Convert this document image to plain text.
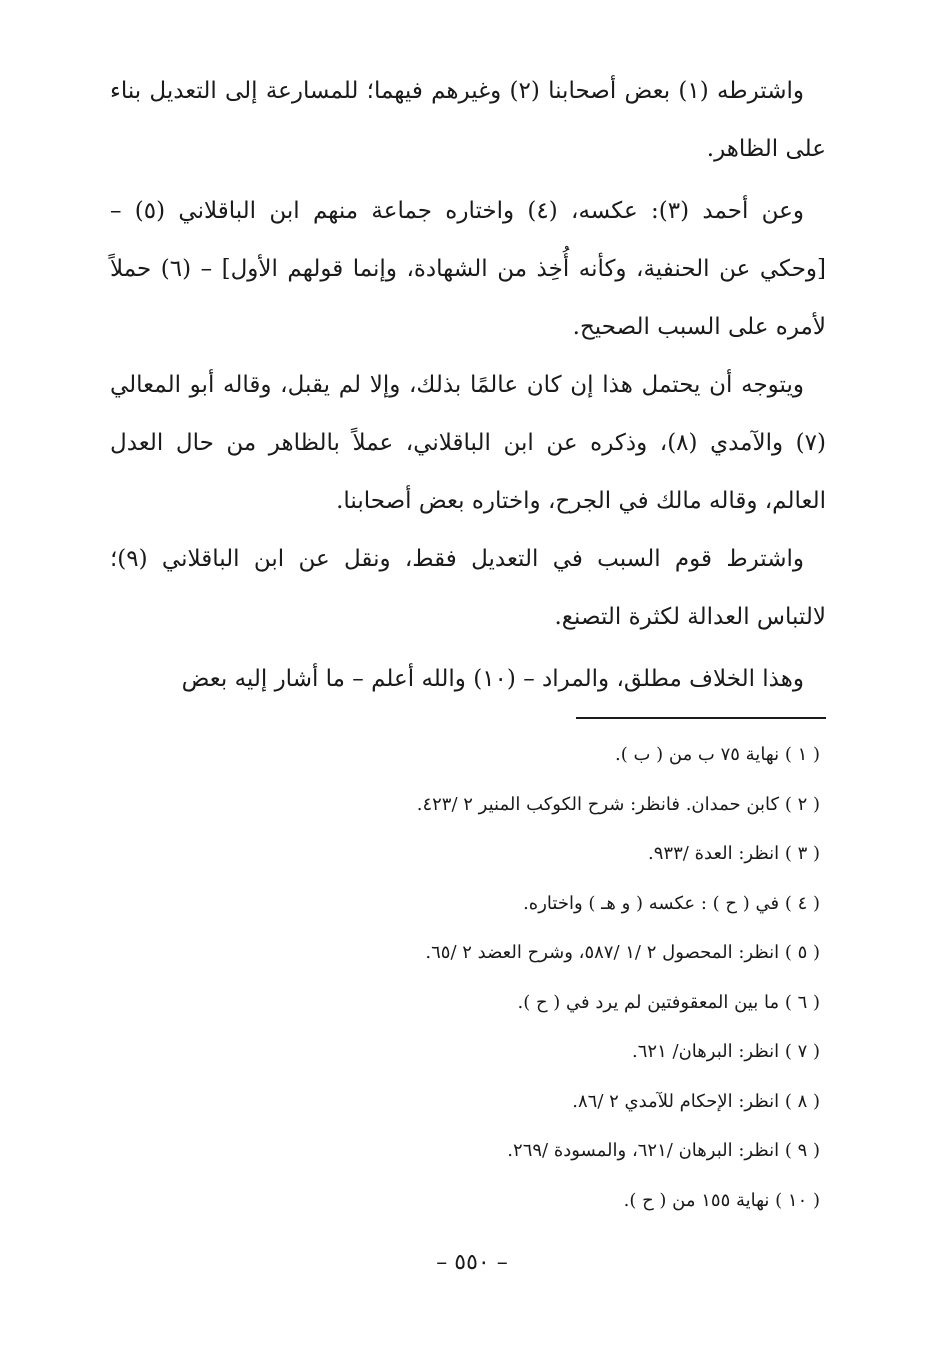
واشترطه (١) بعض أصحابنا (٢) وغيرهم فيهما؛ للمسارعة إلى التعديل بناء على الظاهر.

وعن أحمد (٣): عكسه، (٤) واختاره جماعة منهم ابن الباقلاني (٥) – [وحكي عن الحنفية، وكأنه أُخِذ من الشهادة، وإنما قولهم الأول] – (٦) حملاً لأمره على السبب الصحيح.

ويتوجه أن يحتمل هذا إن كان عالمًا بذلك، وإلا لم يقبل، وقاله أبو المعالي (٧) والآمدي (٨)، وذكره عن ابن الباقلاني، عملاً بالظاهر من حال العدل العالم، وقاله مالك في الجرح، واختاره بعض أصحابنا.

واشترط قوم السبب في التعديل فقط، ونقل عن ابن الباقلاني (٩)؛ لالتباس العدالة لكثرة التصنع.

وهذا الخلاف مطلق، والمراد – (١٠) والله أعلم – ما أشار إليه بعض

( ١ ) نهاية ٧٥ ب من ( ب ).
( ٢ ) كابن حمدان. فانظر: شرح الكوكب المنير ٢ /٤٢٣.
( ٣ ) انظر: العدة /٩٣٣.
( ٤ ) في ( ح ) : عكسه ( و هـ ) واختاره.
( ٥ ) انظر: المحصول ٢ /١ /٥٨٧، وشرح العضد ٢ /٦٥.
( ٦ ) ما بين المعقوفتين لم يرد في ( ح ).
( ٧ ) انظر: البرهان/ ٦٢١.
( ٨ ) انظر: الإحكام للآمدي ٢ /٨٦.
( ٩ ) انظر: البرهان /٦٢١، والمسودة /٢٦٩.
( ١٠ ) نهاية ١٥٥ من ( ح ).
– ٥٥٠ –
